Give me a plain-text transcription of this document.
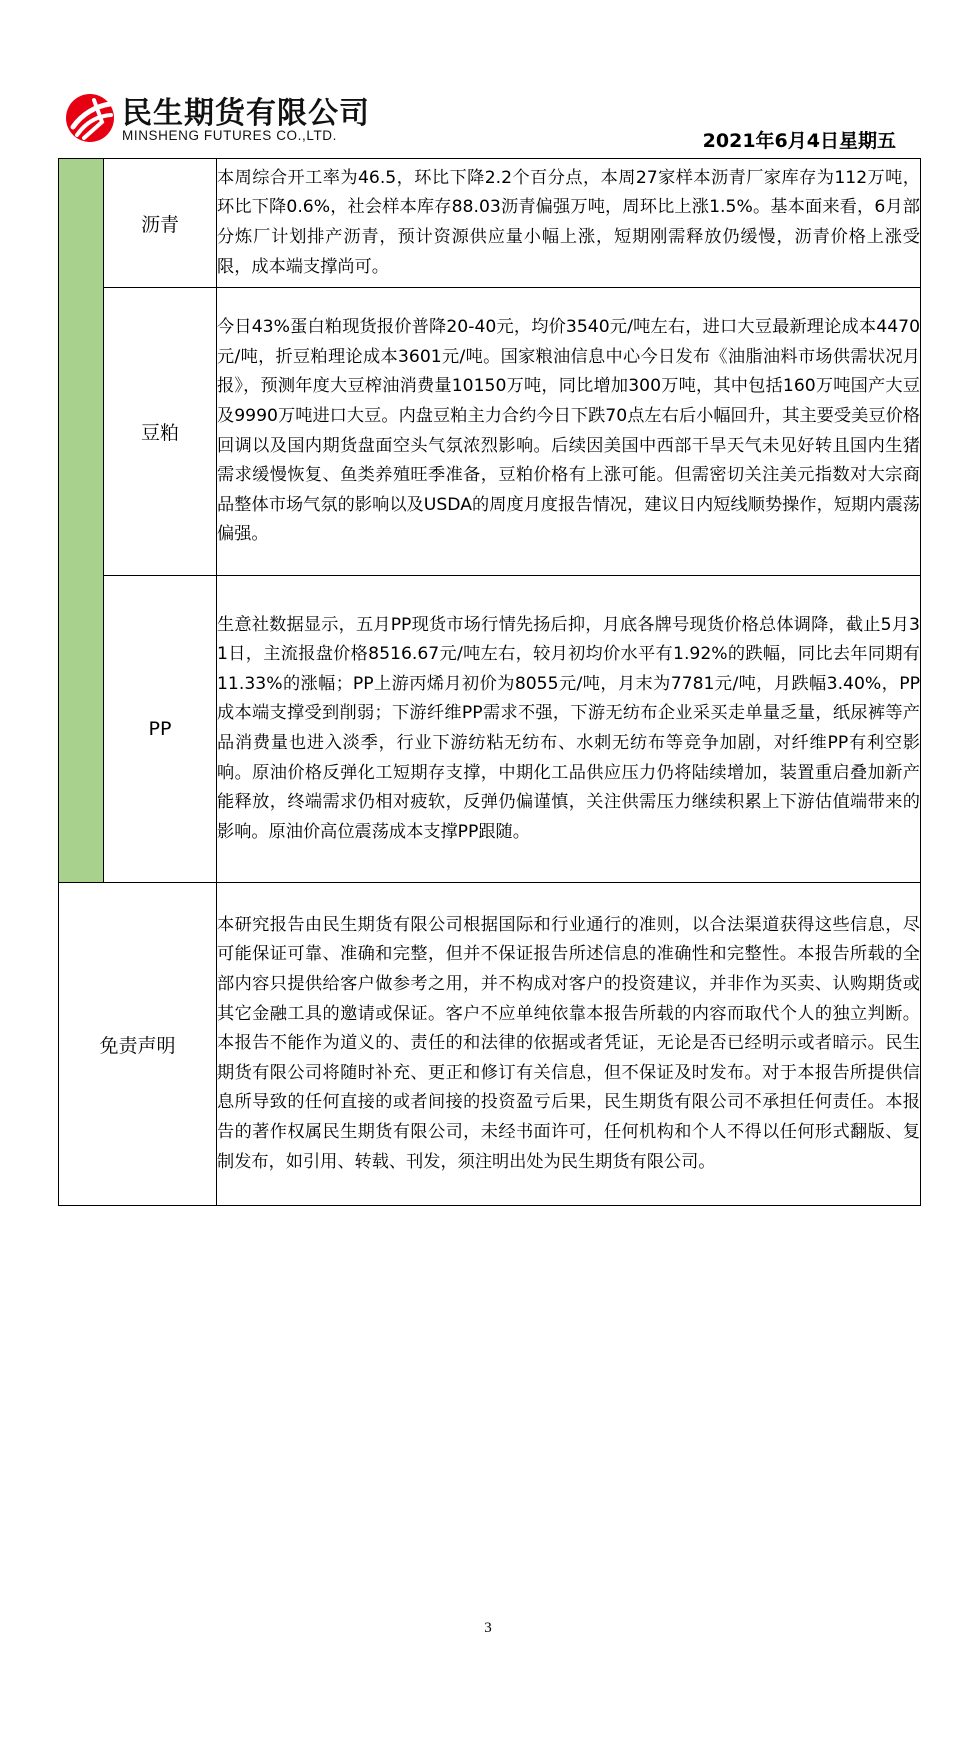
民生期货有限公司
MINSHENG FUTURES CO.,LTD.	2021年6月4日星期五
	沥青	本周综合开工率为46.5，环比下降2.2个百分点，本周27家样本沥青厂家库存为112万吨，环比下降0.6%，社会样本库存88.03沥青偏强万吨，周环比上涨1.5%。基本面来看，6月部分炼厂计划排产沥青，预计资源供应量小幅上涨，短期刚需释放仍缓慢，沥青价格上涨受限，成本端支撑尚可。
	豆粕	今日43%蛋白粕现货报价普降20-40元，均价3540元/吨左右，进口大豆最新理论成本4470元/吨，折豆粕理论成本3601元/吨。国家粮油信息中心今日发布《油脂油料市场供需状况月报》，预测年度大豆榨油消费量10150万吨，同比增加300万吨，其中包括160万吨国产大豆及9990万吨进口大豆。内盘豆粕主力合约今日下跌70点左右后小幅回升，其主要受美豆价格回调以及国内期货盘面空头气氛浓烈影响。后续因美国中西部干旱天气未见好转且国内生猪需求缓慢恢复、鱼类养殖旺季准备，豆粕价格有上涨可能。但需密切关注美元指数对大宗商品整体市场气氛的影响以及USDA的周度月度报告情况，建议日内短线顺势操作，短期内震荡偏强。
	PP	生意社数据显示，五月PP现货市场行情先扬后抑，月底各牌号现货价格总体调降，截止5月31日，主流报盘价格8516.67元/吨左右，较月初均价水平有1.92%的跌幅，同比去年同期有11.33%的涨幅；PP上游丙烯月初价为8055元/吨，月末为7781元/吨，月跌幅3.40%，PP成本端支撑受到削弱；下游纤维PP需求不强，下游无纺布企业采买走单量乏量，纸尿裤等产品消费量也进入淡季，行业下游纺粘无纺布、水刺无纺布等竞争加剧，对纤维PP有利空影响。原油价格反弹化工短期存支撑，中期化工品供应压力仍将陆续增加，装置重启叠加新产能释放，终端需求仍相对疲软，反弹仍偏谨慎，关注供需压力继续积累上下游估值端带来的影响。原油价高位震荡成本支撑PP跟随。
免责声明		本研究报告由民生期货有限公司根据国际和行业通行的准则，以合法渠道获得这些信息，尽可能保证可靠、准确和完整，但并不保证报告所述信息的准确性和完整性。本报告所载的全部内容只提供给客户做参考之用，并不构成对客户的投资建议，并非作为买卖、认购期货或其它金融工具的邀请或保证。客户不应单纯依靠本报告所载的内容而取代个人的独立判断。本报告不能作为道义的、责任的和法律的依据或者凭证，无论是否已经明示或者暗示。民生期货有限公司将随时补充、更正和修订有关信息，但不保证及时发布。对于本报告所提供信息所导致的任何直接的或者间接的投资盈亏后果，民生期货有限公司不承担任何责任。本报告的著作权属民生期货有限公司，未经书面许可，任何机构和个人不得以任何形式翻版、复制发布，如引用、转载、刊发，须注明出处为民生期货有限公司。
3
